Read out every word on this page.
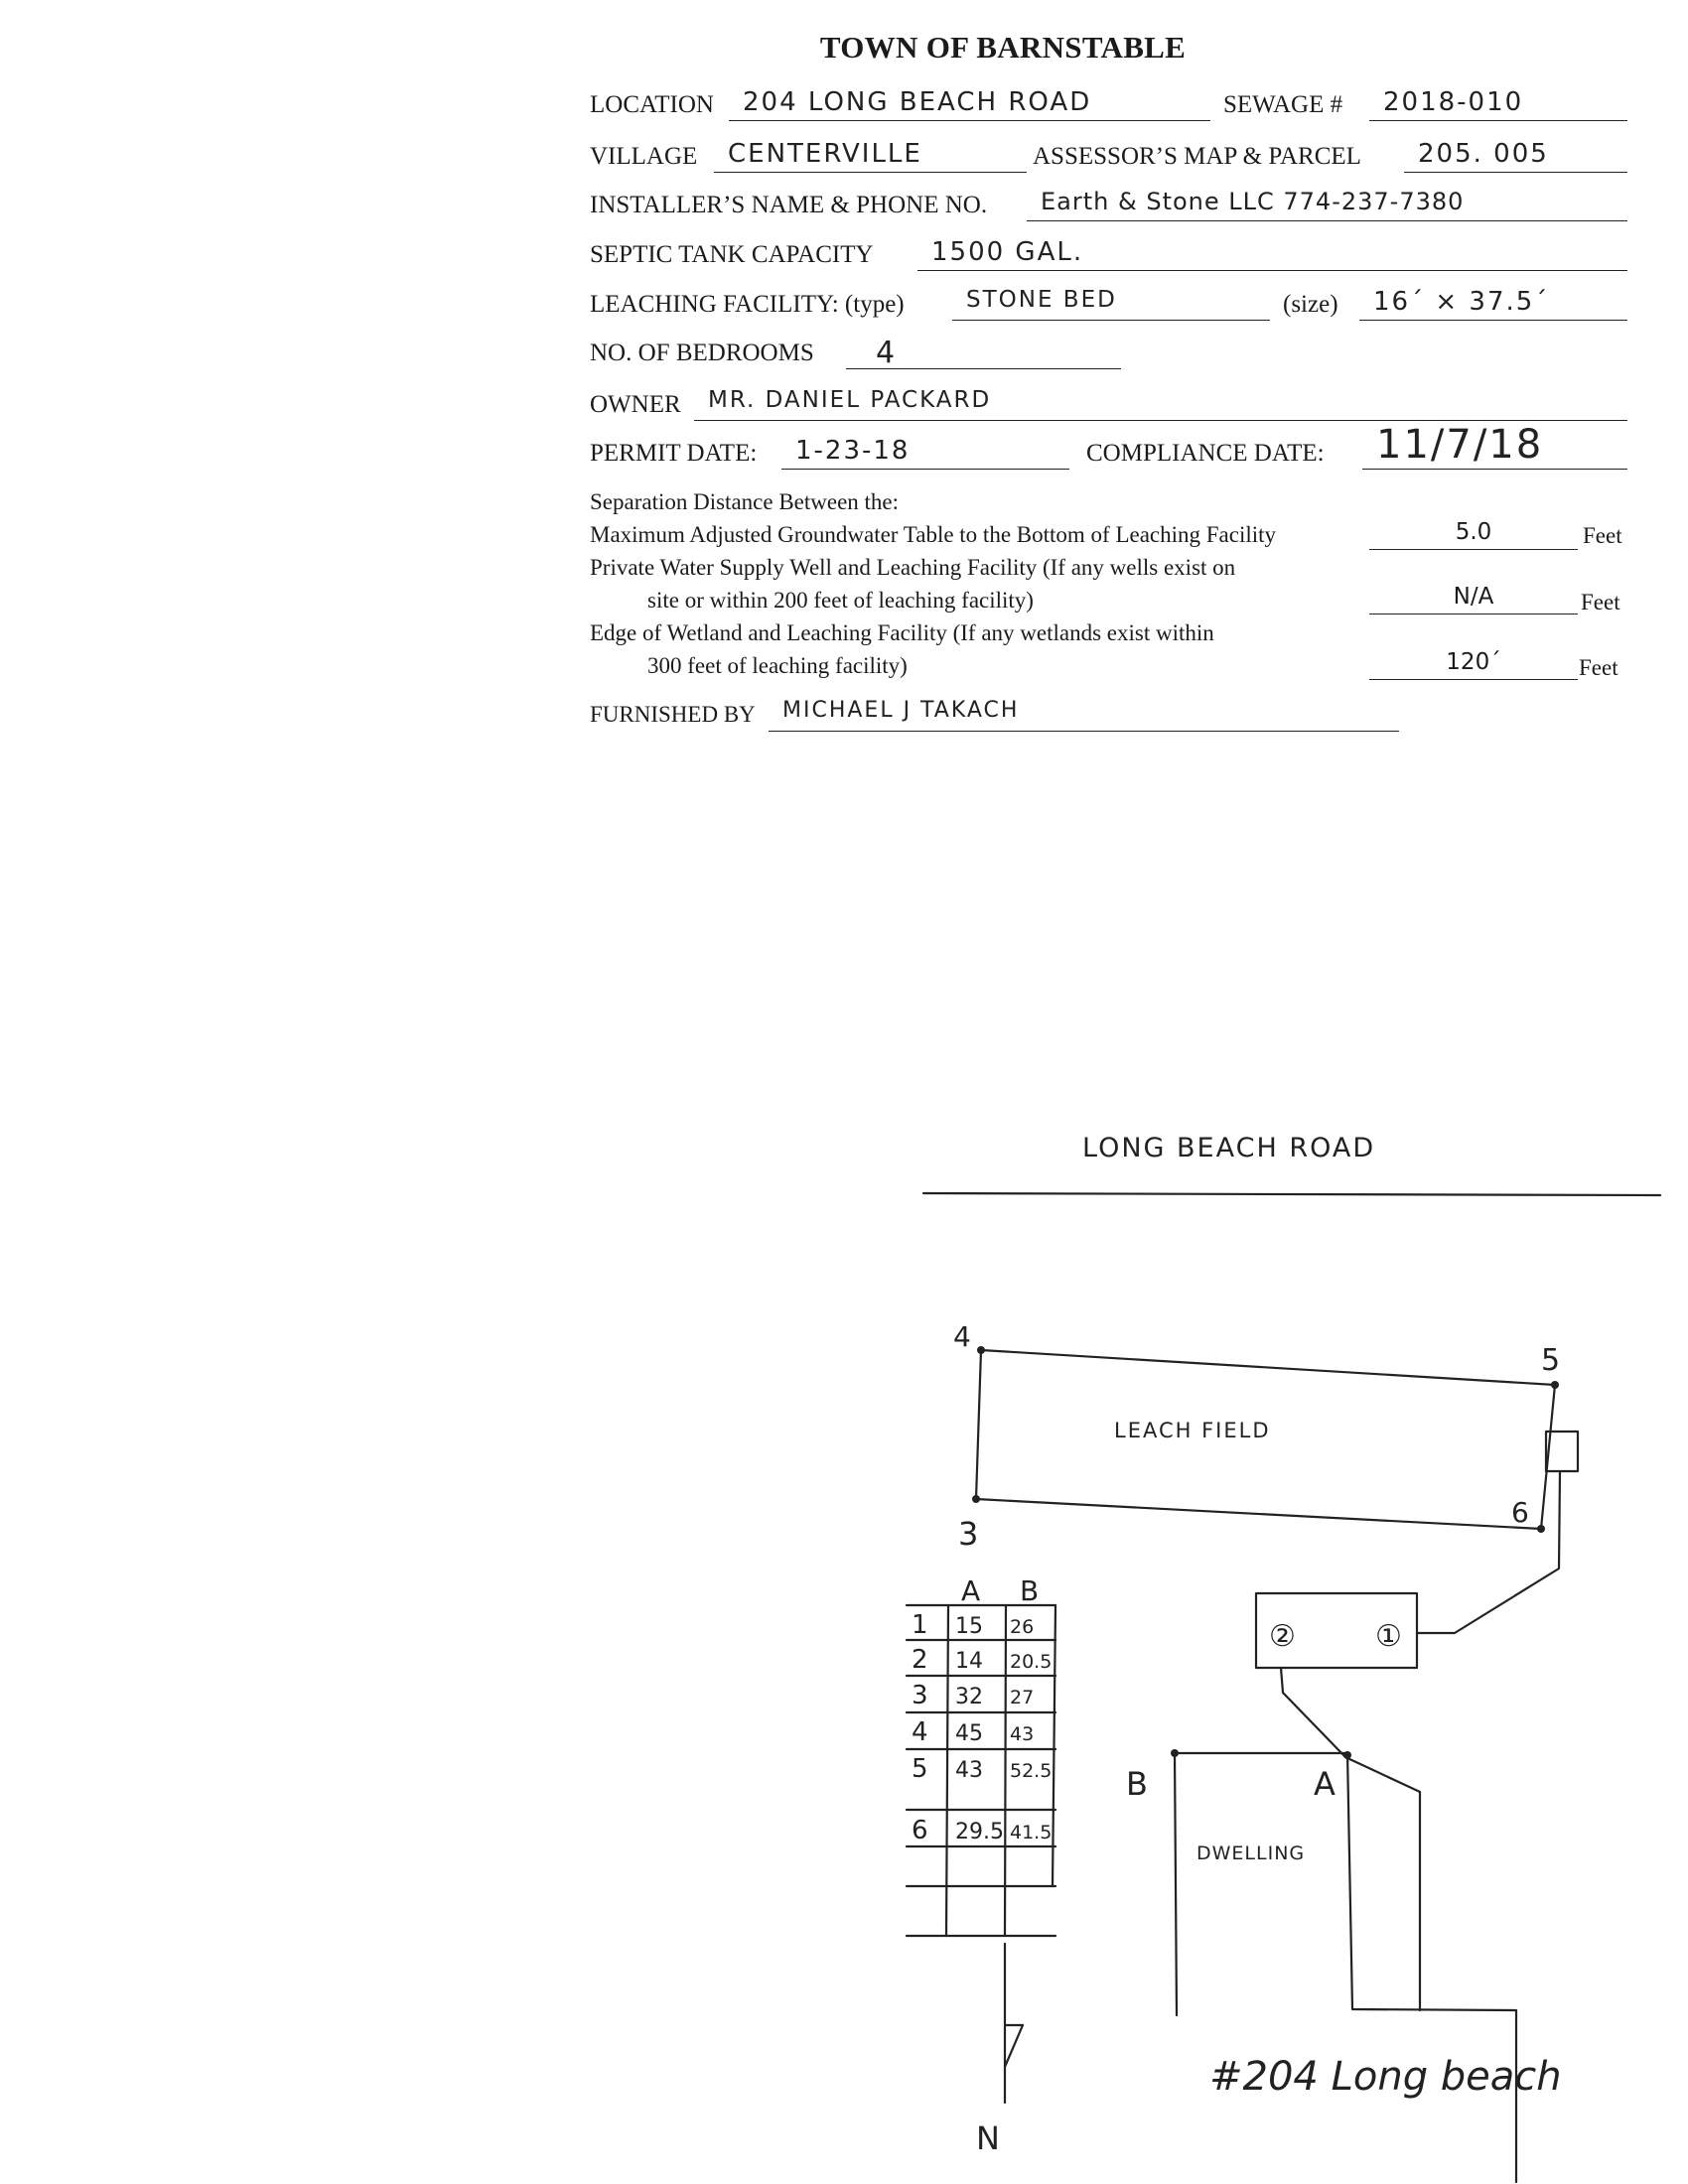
TOWN OF BARNSTABLE
LOCATION	204 LONG BEACH ROAD	SEWAGE #	2018-010
VILLAGE	CENTERVILLE	ASSESSOR’S MAP & PARCEL	205. 005
INSTALLER’S NAME & PHONE NO.	Earth & Stone LLC 774-237-7380
SEPTIC TANK CAPACITY	1500 GAL.
LEACHING FACILITY: (type)	STONE BED	(size)	16´ × 37.5´
NO. OF BEDROOMS	4
OWNER	MR. DANIEL PACKARD
PERMIT DATE:	1-23-18	COMPLIANCE DATE:	11/7/18
Separation Distance Between the:
Maximum Adjusted Groundwater Table to the Bottom of Leaching Facility	5.0	Feet
Private Water Supply Well and Leaching Facility (If any wells exist on
site or within 200 feet of leaching facility)	N/A	Feet
Edge of Wetland and Leaching Facility (If any wetlands exist within
300 feet of leaching facility)	120´	Feet
FURNISHED BY	MICHAEL J TAKACH
LONG BEACH ROAD
LEACH FIELD
DWELLING
4
5
3
6
①
②
A
B
N
#204 Long beach
A B
1 15 26
2 14 20.5
3 32 27
4 45 43
5 43 52.5
6 29.5 41.5
